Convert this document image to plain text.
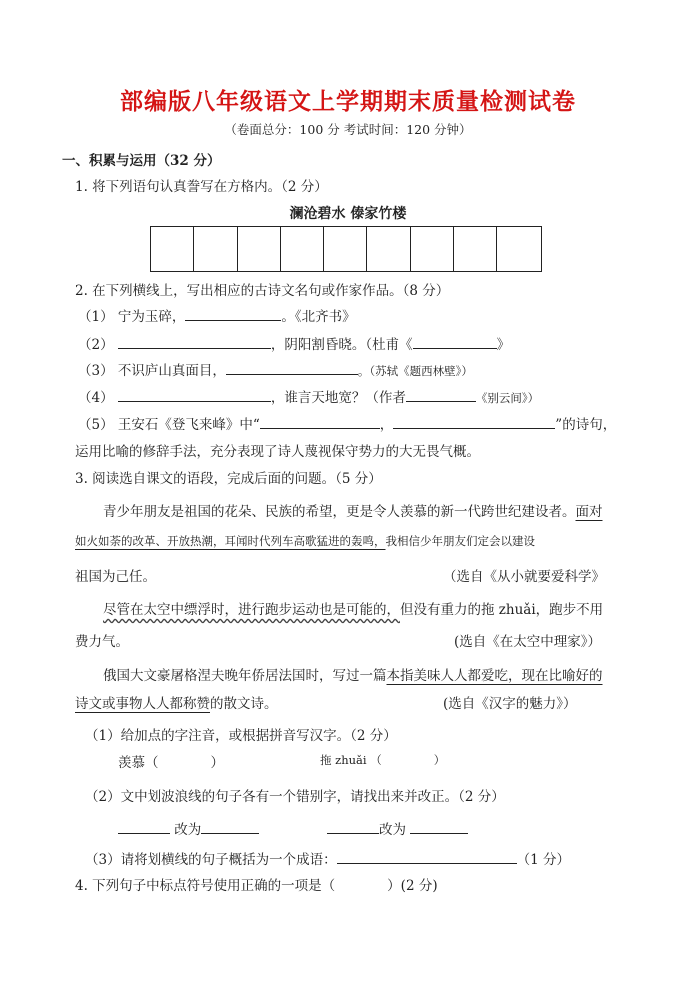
部编版八年级语文上学期期末质量检测试卷
（卷面总分：100 分 考试时间：120 分钟）
一、积累与运用（32 分）
1. 将下列语句认真誊写在方格内。（2 分）
澜沧碧水 傣家竹楼
2. 在下列横线上，写出相应的古诗文名句或作家作品。（8 分）
（1） 宁为玉碎，	。《北齐书》
（2）	，阴阳割昏晓。（杜甫《	》
（3） 不识庐山真面目，	。（苏轼《题西林壁》）
（4）	，谁言天地宽？（作者	《别云间》）
（5） 王安石《登飞来峰》中“	，	”的诗句，
运用比喻的修辞手法，充分表现了诗人蔑视保守势力的大无畏气概。
3. 阅读选自课文的语段，完成后面的问题。（5 分）
青少年朋友是祖国的花朵、民族的希望，更是令人羡慕的新一代跨世纪建设者。面对
如火如荼的改革、开放热潮，耳闻时代列车高歌猛进的轰鸣，我相信少年朋友们定会以建设
祖国为己任。	（选自《从小就要爱科学》
尽管在太空中缥浮时，进行跑步运动也是可能的，但没有重力的拖 zhuǎi，跑步不用
费力气。	(选自《在太空中理家》）
俄国大文豪屠格涅夫晚年侨居法国时，写过一篇本指美味人人都爱吃，现在比喻好的
诗文或事物人人都称赞的散文诗。	(选自《汉字的魅力》）
（1）给加点的字注音，或根据拼音写汉字。（2 分）
羡慕（	）	拖 zhuǎi （	）
（2）文中划波浪线的句子各有一个错别字，请找出来并改正。（2 分）
改为	改为
（3）请将划横线的句子概括为一个成语：	（1 分）
4. 下列句子中标点符号使用正确的一项是（	）(2 分)
